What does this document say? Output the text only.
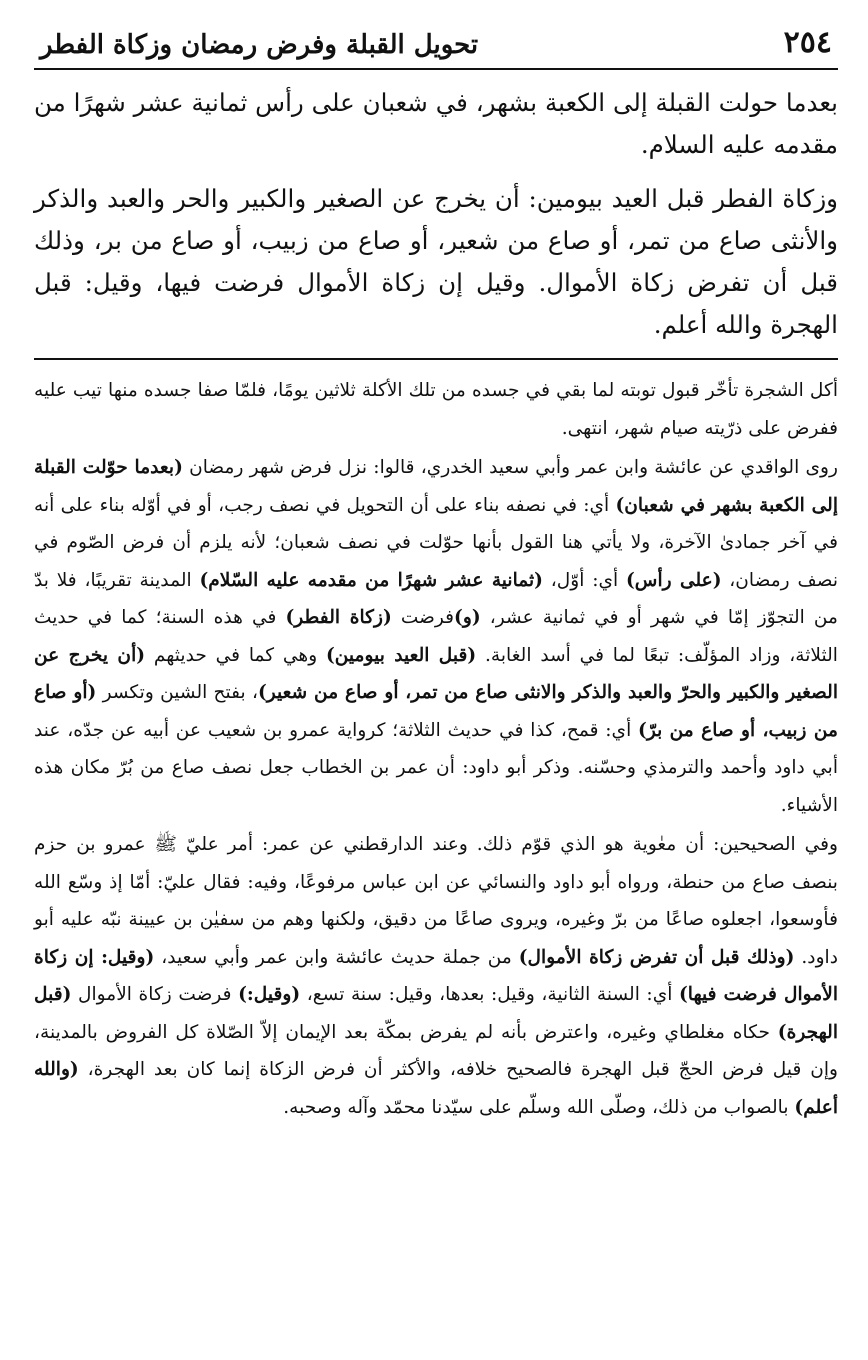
٢٥٤
تحويل القبلة وفرض رمضان وزكاة الفطر

بعدما حولت القبلة إلى الكعبة بشهر، في شعبان على رأس ثمانية عشر شهرًا من مقدمه عليه السلام.

وزكاة الفطر قبل العيد بيومين: أن يخرج عن الصغير والكبير والحر والعبد والذكر والأنثى صاع من تمر، أو صاع من شعير، أو صاع من زبيب، أو صاع من بر، وذلك قبل أن تفرض زكاة الأموال. وقيل إن زكاة الأموال فرضت فيها، وقيل: قبل الهجرة والله أعلم.

أكل الشجرة تأخّر قبول توبته لما بقي في جسده من تلك الأكلة ثلاثين يومًا، فلمّا صفا جسده منها تيب عليه ففرض على ذرّيته صيام شهر، انتهى.

روى الواقدي عن عائشة وابن عمر وأبي سعيد الخدري، قالوا: نزل فرض شهر رمضان (بعدما حوّلت القبلة إلى الكعبة بشهر في شعبان) أي: في نصفه بناء على أن التحويل في نصف رجب، أو في أوّله بناء على أنه في آخر جمادىٰ الآخرة، ولا يأتي هنا القول بأنها حوّلت في نصف شعبان؛ لأنه يلزم أن فرض الصّوم في نصف رمضان، (على رأس) أي: أوّل، (ثمانية عشر شهرًا من مقدمه عليه السّلام) المدينة تقريبًا، فلا بدّ من التجوّز إمّا في شهر أو في ثمانية عشر، (و)فرضت (زكاة الفطر) في هذه السنة؛ كما في حديث الثلاثة، وزاد المؤلّف: تبعًا لما في أسد الغابة. (قبل العيد بيومين) وهي كما في حديثهم (أن يخرج عن الصغير والكبير والحرّ والعبد والذكر والانثى صاع من تمر، أو صاع من شعير)، بفتح الشين وتكسر (أو صاع من زبيب، أو صاع من برّ) أي: قمح، كذا في حديث الثلاثة؛ كرواية عمرو بن شعيب عن أبيه عن جدّه، عند أبي داود وأحمد والترمذي وحسّنه. وذكر أبو داود: أن عمر بن الخطاب جعل نصف صاع من بُرّ مكان هذه الأشياء.

وفي الصحيحين: أن معٰوية هو الذي قوّم ذلك. وعند الدارقطني عن عمر: أمر عليّ ﷺ عمرو بن حزم بنصف صاع من حنطة، ورواه أبو داود والنسائي عن ابن عباس مرفوعًا، وفيه: فقال عليّ: أمّا إذ وسّع الله فأوسعوا، اجعلوه صاعًا من برّ وغيره، ويروى صاعًا من دقيق، ولكنها وهم من سفيٰن بن عيينة نبّه عليه أبو داود. (وذلك قبل أن تفرض زكاة الأموال) من جملة حديث عائشة وابن عمر وأبي سعيد، (وقيل: إن زكاة الأموال فرضت فيها) أي: السنة الثانية، وقيل: بعدها، وقيل: سنة تسع، (وقيل:) فرضت زكاة الأموال (قبل الهجرة) حكاه مغلطاي وغيره، واعترض بأنه لم يفرض بمكّة بعد الإيمان إلاّ الصّلاة كل الفروض بالمدينة، وإن قيل فرض الحجّ قبل الهجرة فالصحيح خلافه، والأكثر أن فرض الزكاة إنما كان بعد الهجرة، (والله أعلم) بالصواب من ذلك، وصلّى الله وسلّم على سيّدنا محمّد وآله وصحبه.
